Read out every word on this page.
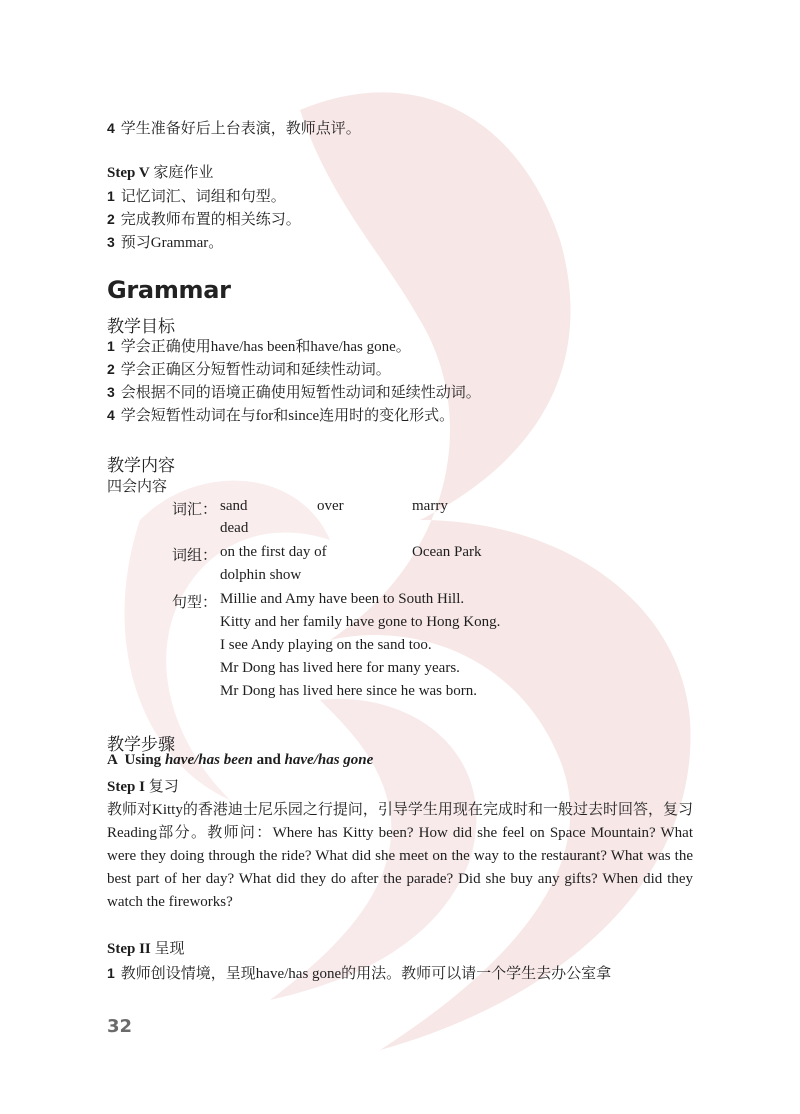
4 学生准备好后上台表演，教师点评。
Step V 家庭作业
1 记忆词汇、词组和句型。
2 完成教师布置的相关练习。
3 预习Grammar。
Grammar
教学目标
1 学会正确使用have/has been和have/has gone。
2 学会正确区分短暂性动词和延续性动词。
3 会根据不同的语境正确使用短暂性动词和延续性动词。
4 学会短暂性动词在与for和since连用时的变化形式。
教学内容
四会内容
词汇： sand	over	marry
dead
词组： on the first day of	Ocean Park
dolphin show
句型： Millie and Amy have been to South Hill.
Kitty and her family have gone to Hong Kong.
I see Andy playing on the sand too.
Mr Dong has lived here for many years.
Mr Dong has lived here since he was born.
教学步骤
A  Using have/has been and have/has gone
Step I 复习
教师对Kitty的香港迪士尼乐园之行提问，引导学生用现在完成时和一般过去时回答，复习Reading部分。教师问：Where has Kitty been? How did she feel on Space Mountain? What were they doing through the ride? What did she meet on the way to the restaurant? What was the best part of her day? What did they do after the parade? Did she buy any gifts? When did they watch the fireworks?
Step II 呈现
1 教师创设情境，呈现have/has gone的用法。教师可以请一个学生去办公室拿
32
